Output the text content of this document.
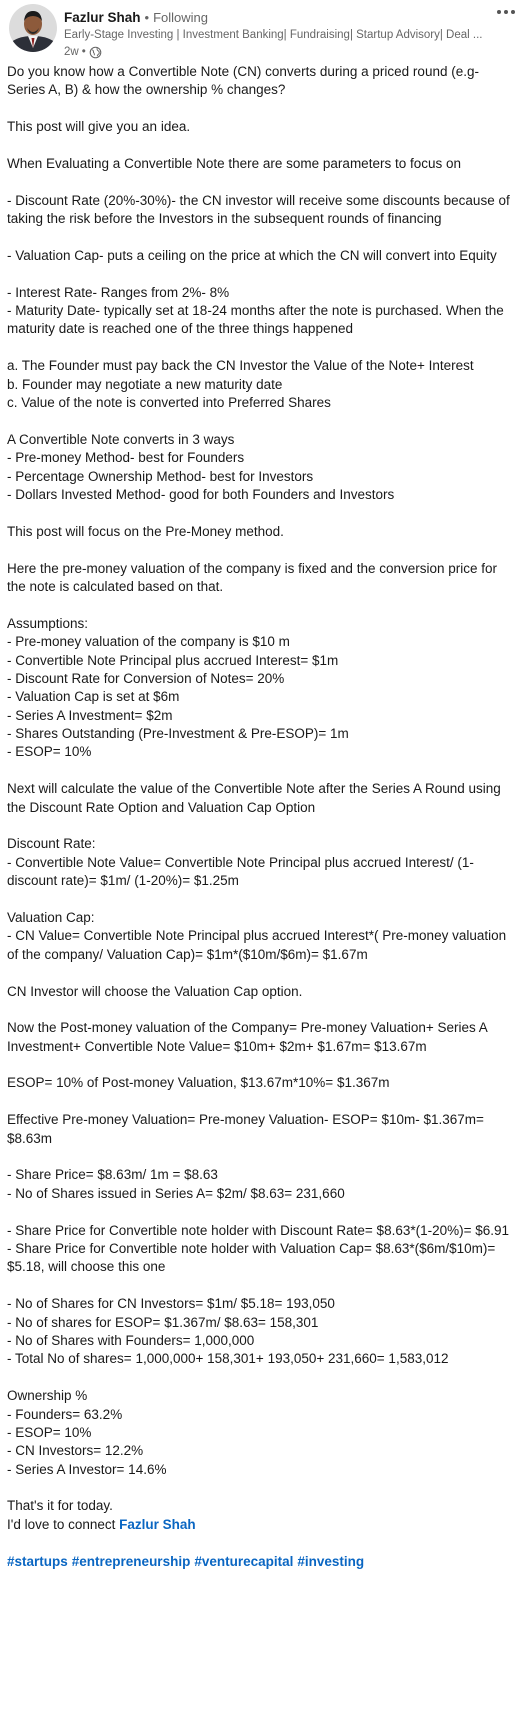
Fazlur Shah • Following
Early-Stage Investing | Investment Banking| Fundraising| Startup Advisory| Deal ...
2w •
Do you know how a Convertible Note (CN) converts during a priced round (e.g-
Series A, B) & how the ownership % changes?
This post will give you an idea.
When Evaluating a Convertible Note there are some parameters to focus on
- Discount Rate (20%-30%)- the CN investor will receive some discounts because of
taking the risk before the Investors in the subsequent rounds of financing
- Valuation Cap- puts a ceiling on the price at which the CN will convert into Equity
- Interest Rate- Ranges from 2%- 8%
- Maturity Date- typically set at 18-24 months after the note is purchased. When the
maturity date is reached one of the three things happened
a. The Founder must pay back the CN Investor the Value of the Note+ Interest
b. Founder may negotiate a new maturity date
c. Value of the note is converted into Preferred Shares
A Convertible Note converts in 3 ways
- Pre-money Method- best for Founders
- Percentage Ownership Method- best for Investors
- Dollars Invested Method- good for both Founders and Investors
This post will focus on the Pre-Money method.
Here the pre-money valuation of the company is fixed and the conversion price for
the note is calculated based on that.
Assumptions:
- Pre-money valuation of the company is $10 m
- Convertible Note Principal plus accrued Interest= $1m
- Discount Rate for Conversion of Notes= 20%
- Valuation Cap is set at $6m
- Series A Investment= $2m
- Shares Outstanding (Pre-Investment & Pre-ESOP)= 1m
- ESOP= 10%
Next will calculate the value of the Convertible Note after the Series A Round using
the Discount Rate Option and Valuation Cap Option
Discount Rate:
- Convertible Note Value= Convertible Note Principal plus accrued Interest/ (1-
discount rate)= $1m/ (1-20%)= $1.25m
Valuation Cap:
- CN Value= Convertible Note Principal plus accrued Interest*( Pre-money valuation
of the company/ Valuation Cap)= $1m*($10m/$6m)= $1.67m
CN Investor will choose the Valuation Cap option.
Now the Post-money valuation of the Company= Pre-money Valuation+ Series A
Investment+ Convertible Note Value= $10m+ $2m+ $1.67m= $13.67m
ESOP= 10% of Post-money Valuation, $13.67m*10%= $1.367m
Effective Pre-money Valuation= Pre-money Valuation- ESOP= $10m- $1.367m=
$8.63m
- Share Price= $8.63m/ 1m = $8.63
- No of Shares issued in Series A= $2m/ $8.63= 231,660
- Share Price for Convertible note holder with Discount Rate= $8.63*(1-20%)= $6.91
- Share Price for Convertible note holder with Valuation Cap= $8.63*($6m/$10m)=
$5.18, will choose this one
- No of Shares for CN Investors= $1m/ $5.18= 193,050
- No of shares for ESOP= $1.367m/ $8.63= 158,301
- No of Shares with Founders= 1,000,000
- Total No of shares= 1,000,000+ 158,301+ 193,050+ 231,660= 1,583,012
Ownership %
- Founders= 63.2%
- ESOP= 10%
- CN Investors= 12.2%
- Series A Investor= 14.6%
That's it for today.
I'd love to connect Fazlur Shah
#startups #entrepreneurship #venturecapital #investing
